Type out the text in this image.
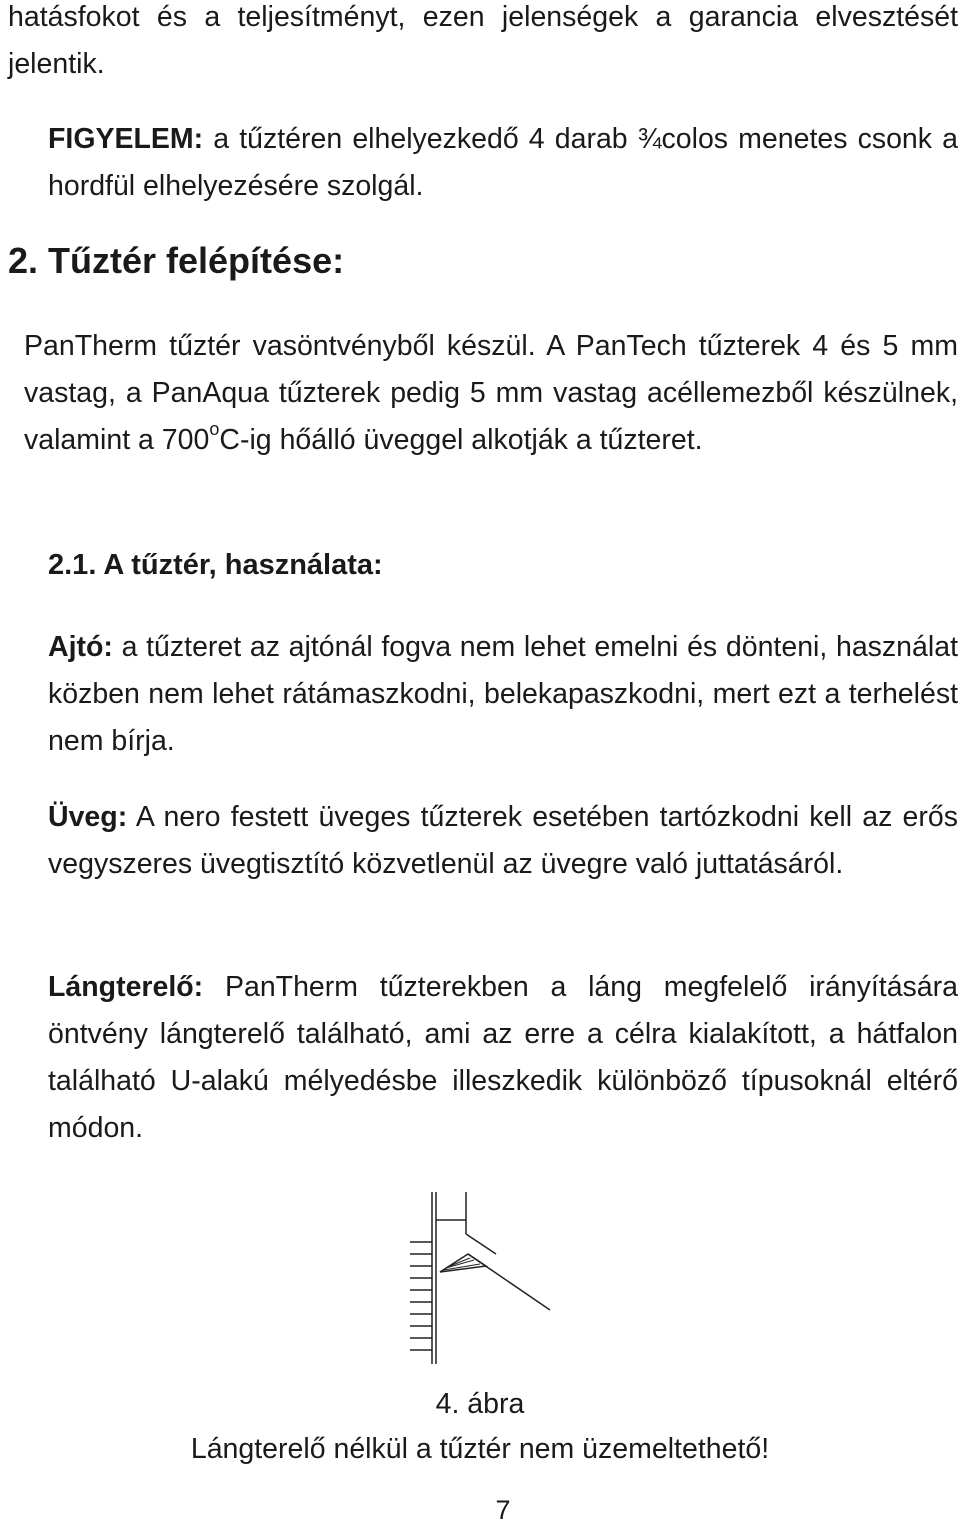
hatásfokot és a teljesítményt, ezen jelenségek a garancia elvesztését jelentik.

FIGYELEM: a tűztéren elhelyezkedő 4 darab ¾colos menetes csonk a hordfül elhelyezésére szolgál.

2. Tűztér felépítése:

PanTherm tűztér vasöntvényből készül. A PanTech tűzterek 4 és 5 mm vastag, a PanAqua tűzterek pedig 5 mm vastag acéllemezből készülnek, valamint a 700$^o$C-ig hőálló üveggel alkotják a tűzteret.

2.1. A tűztér, használata:

Ajtó: a tűzteret az ajtónál fogva nem lehet emelni és dönteni, használat közben nem lehet rátámaszkodni, belekapaszkodni, mert ezt a terhelést nem bírja.

Üveg: A nero festett üveges tűzterek esetében tartózkodni kell az erős vegyszeres üvegtisztító közvetlenül az üvegre való juttatásáról.

Lángterelő: PanTherm tűzterekben a láng megfelelő irányítására öntvény lángterelő található, ami az erre a célra kialakított, a hátfalon található U-alakú mélyedésbe illeszkedik különböző típusoknál eltérő módon.

4. ábra

Lángterelő nélkül a tűztér nem üzemeltethető!

7
